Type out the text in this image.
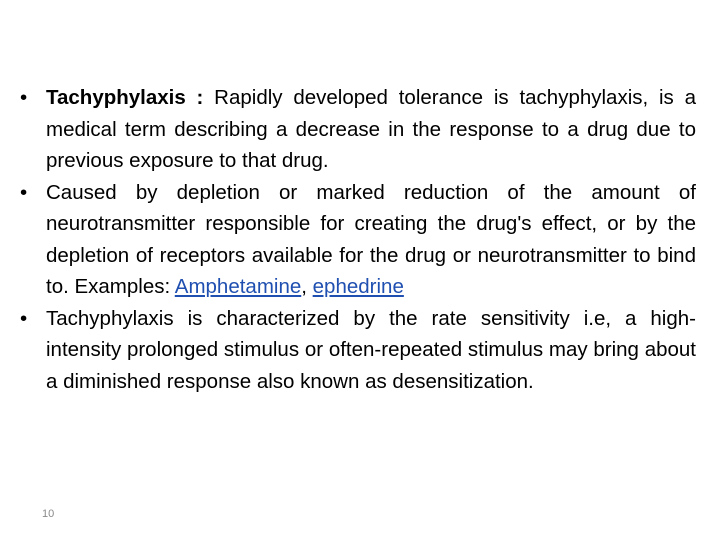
• Tachyphylaxis : Rapidly developed tolerance is tachyphylaxis, is a medical term describing a decrease in the response to a drug due to previous exposure to that drug.
• Caused by depletion or marked reduction of the amount of neurotransmitter responsible for creating the drug's effect, or by the depletion of receptors available for the drug or neurotransmitter to bind to. Examples: Amphetamine, ephedrine
• Tachyphylaxis is characterized by the rate sensitivity i.e, a high-intensity prolonged stimulus or often-repeated stimulus may bring about a diminished response also known as desensitization.
10
